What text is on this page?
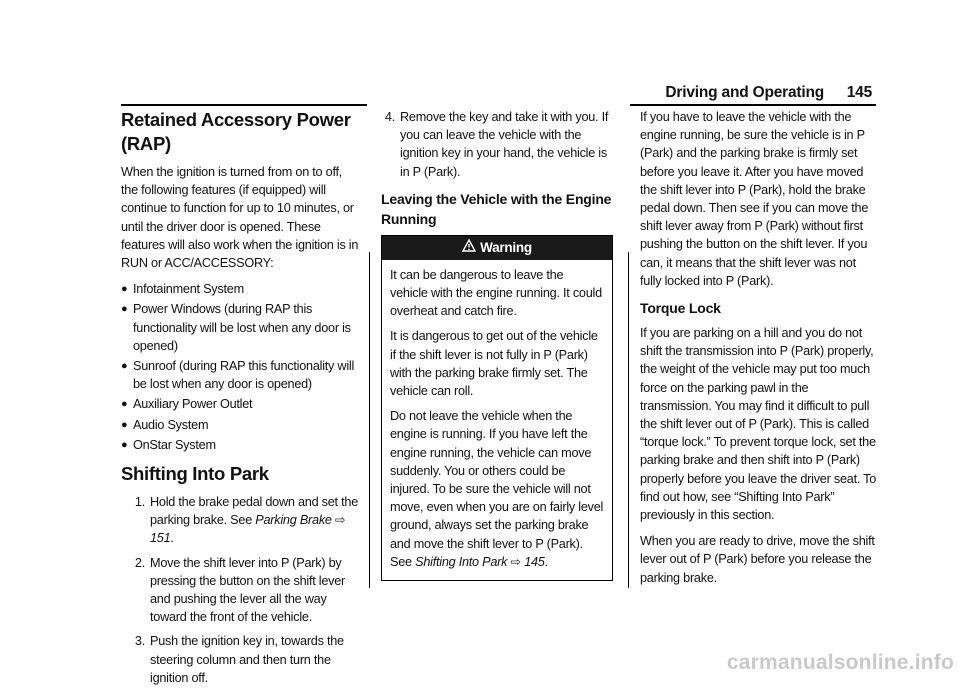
Driving and Operating 145
Retained Accessory Power (RAP)

When the ignition is turned from on to off, the following features (if equipped) will continue to function for up to 10 minutes, or until the driver door is opened. These features will also work when the ignition is in RUN or ACC/ACCESSORY:

● Infotainment System
● Power Windows (during RAP this functionality will be lost when any door is opened)
● Sunroof (during RAP this functionality will be lost when any door is opened)
● Auxiliary Power Outlet
● Audio System
● OnStar System
Shifting Into Park
1. Hold the brake pedal down and set the parking brake. See Parking Brake ⇨ 151.
2. Move the shift lever into P (Park) by pressing the button on the shift lever and pushing the lever all the way toward the front of the vehicle.
3. Push the ignition key in, towards the steering column and then turn the ignition off.
4. Remove the key and take it with you. If you can leave the vehicle with the ignition key in your hand, the vehicle is in P (Park).
Leaving the Vehicle with the Engine Running
Warning

It can be dangerous to leave the vehicle with the engine running. It could overheat and catch fire.

It is dangerous to get out of the vehicle if the shift lever is not fully in P (Park) with the parking brake firmly set. The vehicle can roll.

Do not leave the vehicle when the engine is running. If you have left the engine running, the vehicle can move suddenly. You or others could be injured. To be sure the vehicle will not move, even when you are on fairly level ground, always set the parking brake and move the shift lever to P (Park). See Shifting Into Park ⇨ 145.

If you have to leave the vehicle with the engine running, be sure the vehicle is in P (Park) and the parking brake is firmly set before you leave it. After you have moved the shift lever into P (Park), hold the brake pedal down. Then see if you can move the shift lever away from P (Park) without first pushing the button on the shift lever. If you can, it means that the shift lever was not fully locked into P (Park).

Torque Lock

If you are parking on a hill and you do not shift the transmission into P (Park) properly, the weight of the vehicle may put too much force on the parking pawl in the transmission. You may find it difficult to pull the shift lever out of P (Park). This is called “torque lock.” To prevent torque lock, set the parking brake and then shift into P (Park) properly before you leave the driver seat. To find out how, see “Shifting Into Park” previously in this section.

When you are ready to drive, move the shift lever out of P (Park) before you release the parking brake.

carmanualsonline.info
